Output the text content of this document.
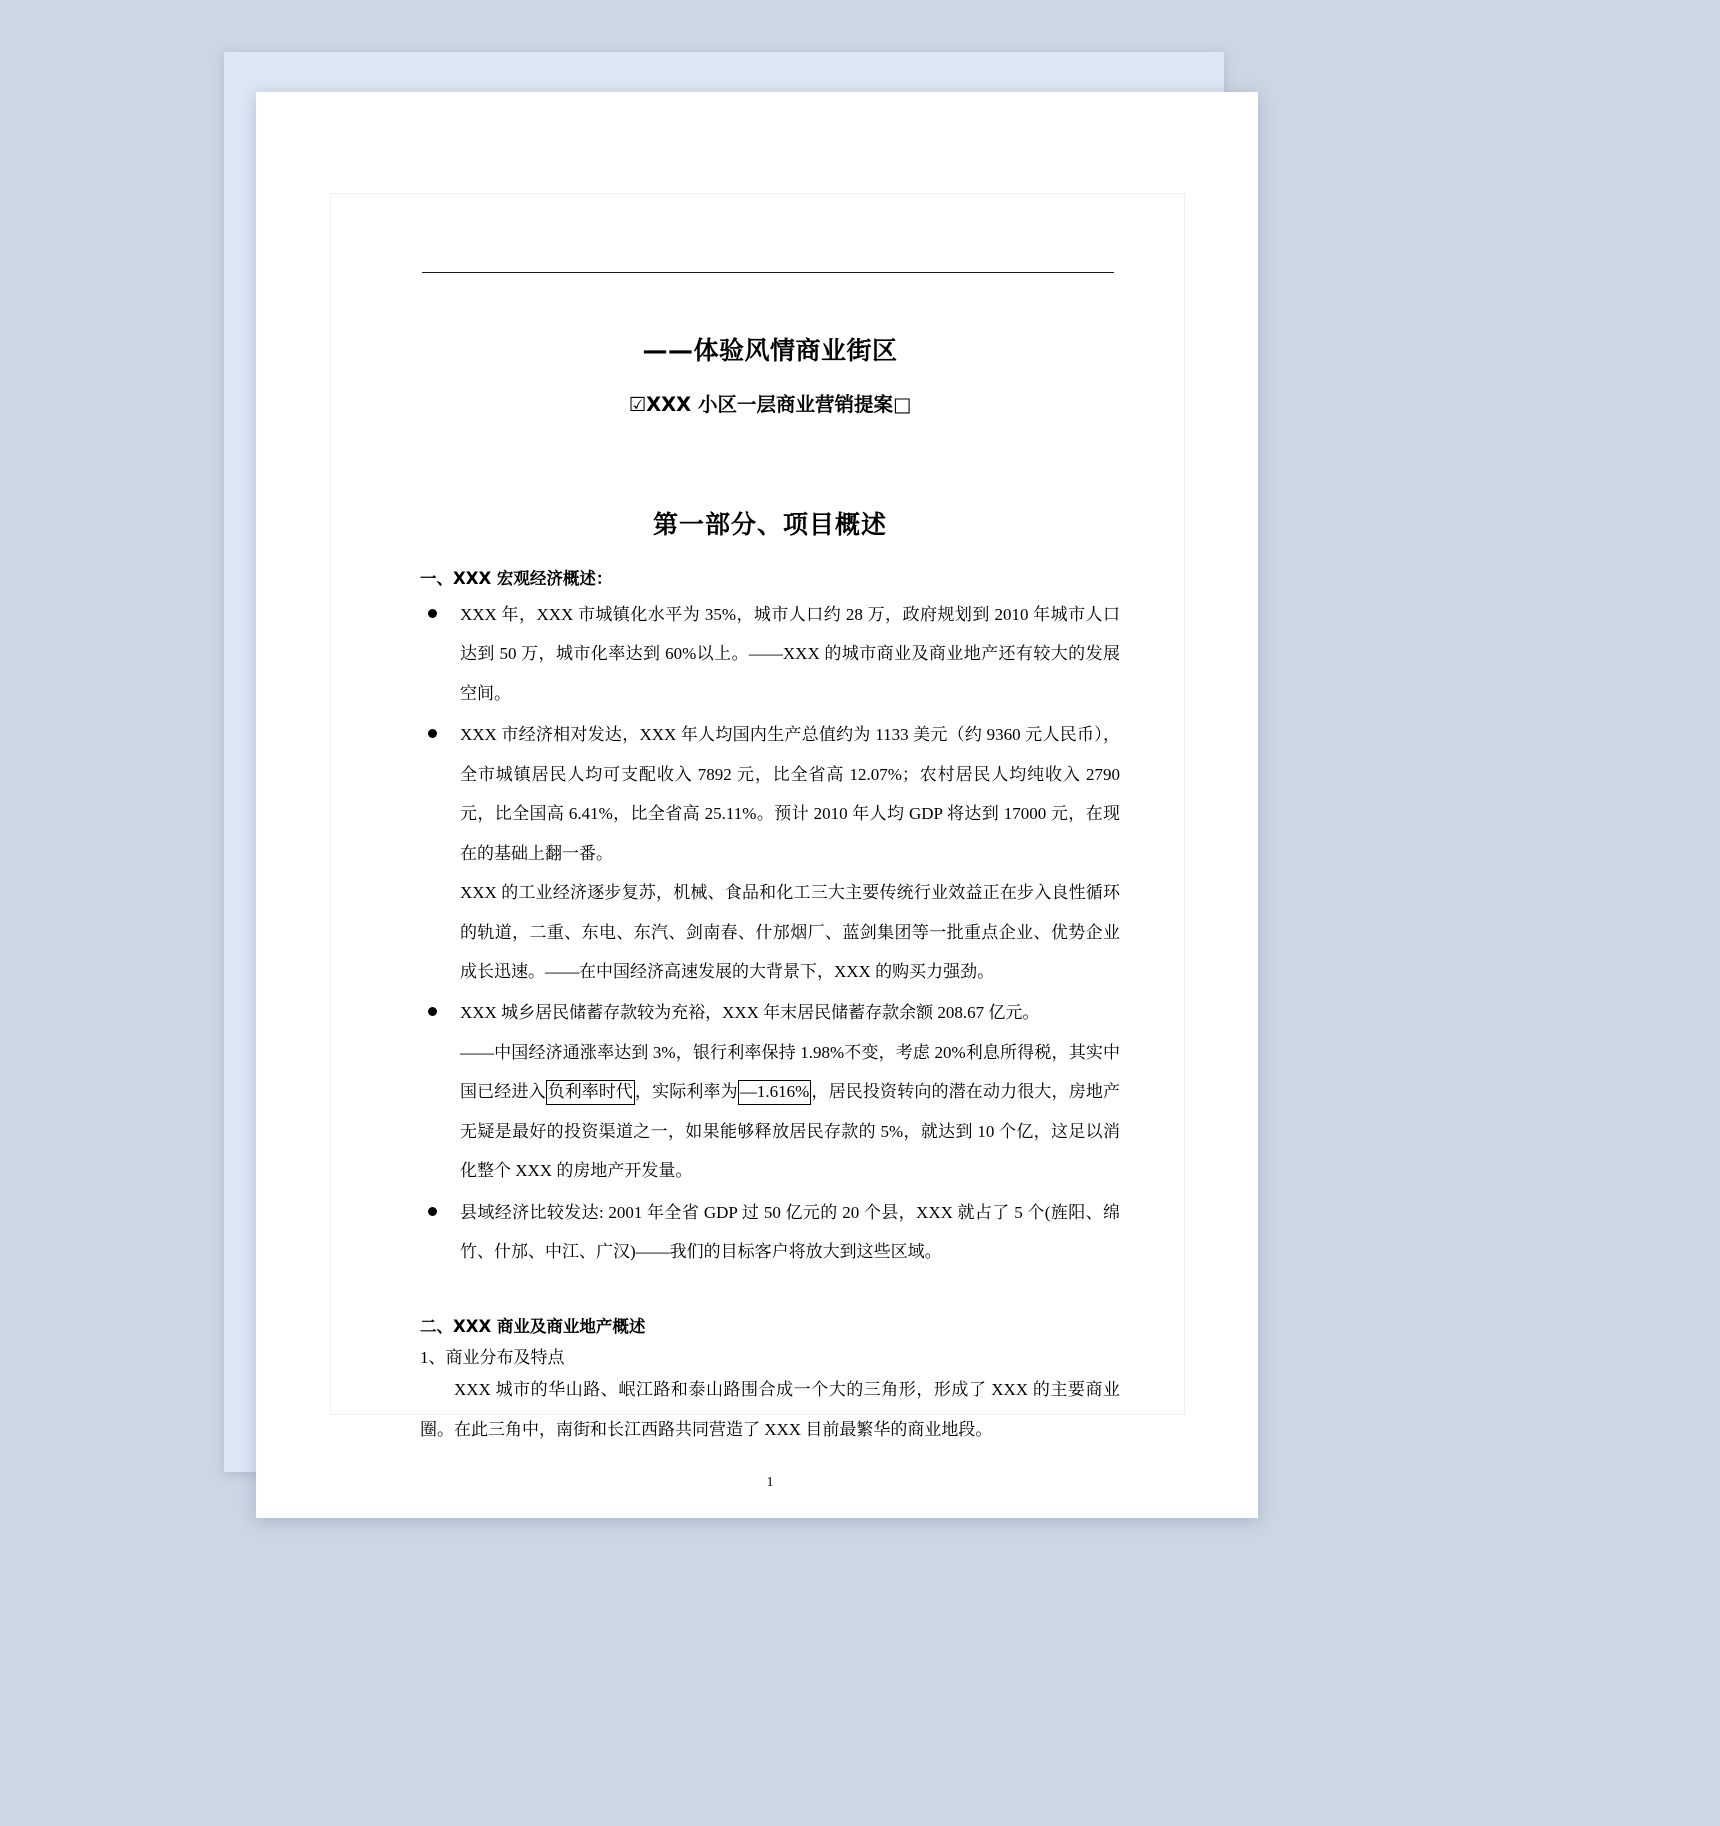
——体验风情商业街区
☑XXX 小区一层商业营销提案□
第一部分、项目概述
一、XXX 宏观经济概述：

XXX 年，XXX 市城镇化水平为 35%，城市人口约 28 万，政府规划到 2010 年城市人口达到 50 万，城市化率达到 60%以上。——XXX 的城市商业及商业地产还有较大的发展空间。

XXX 市经济相对发达，XXX 年人均国内生产总值约为 1133 美元（约 9360 元人民币），全市城镇居民人均可支配收入 7892 元，比全省高 12.07%；农村居民人均纯收入 2790 元，比全国高 6.41%，比全省高 25.11%。预计 2010 年人均 GDP 将达到 17000 元，在现在的基础上翻一番。

XXX 的工业经济逐步复苏，机械、食品和化工三大主要传统行业效益正在步入良性循环的轨道，二重、东电、东汽、剑南春、什邡烟厂、蓝剑集团等一批重点企业、优势企业成长迅速。——在中国经济高速发展的大背景下，XXX 的购买力强劲。

XXX 城乡居民储蓄存款较为充裕，XXX 年末居民储蓄存款余额 208.67 亿元。

——中国经济通涨率达到 3%，银行利率保持 1.98%不变，考虑 20%利息所得税，其实中国已经进入 负利率时代 ，实际利率为 —1.616% ，居民投资转向的潜在动力很大，房地产无疑是最好的投资渠道之一，如果能够释放居民存款的 5%，就达到 10 个亿，这足以消化整个 XXX 的房地产开发量。

县域经济比较发达: 2001 年全省 GDP 过 50 亿元的 20 个县，XXX 就占了 5 个(旌阳、绵竹、什邡、中江、广汉)——我们的目标客户将放大到这些区域。

二、XXX 商业及商业地产概述
1、商业分布及特点

XXX 城市的华山路、岷江路和泰山路围合成一个大的三角形，形成了 XXX 的主要商业圈。在此三角中，南街和长江西路共同营造了 XXX 目前最繁华的商业地段。

1
